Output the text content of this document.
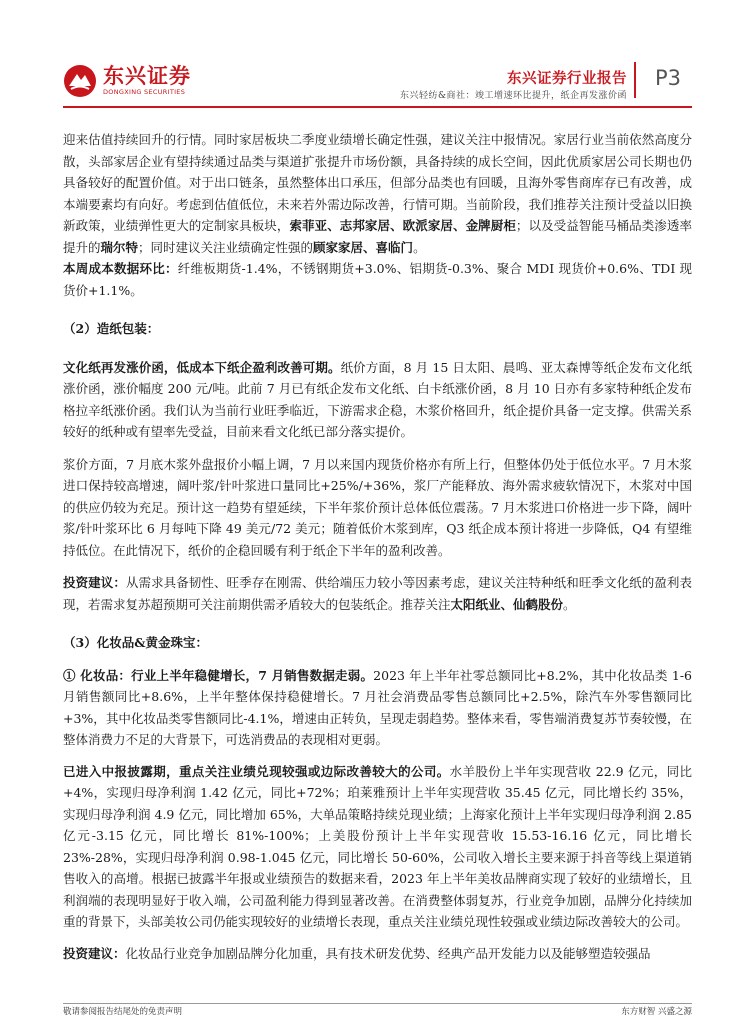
东兴证券
DONGXING SECURITIES
东兴证券行业报告
东兴轻纺&商社：竣工增速环比提升，纸企再发涨价函
P3

迎来估值持续回升的行情。同时家居板块二季度业绩增长确定性强，建议关注中报情况。家居行业当前依然高度分散，头部家居企业有望持续通过品类与渠道扩张提升市场份额，具备持续的成长空间，因此优质家居公司长期也仍具备较好的配置价值。对于出口链条，虽然整体出口承压，但部分品类也有回暖，且海外零售商库存已有改善，成本端要素均有向好。考虑到估值低位，未来若外需边际改善，行情可期。当前阶段，我们推荐关注预计受益以旧换新政策，业绩弹性更大的定制家具板块，索菲亚、志邦家居、欧派家居、金牌厨柜；以及受益智能马桶品类渗透率提升的瑞尔特；同时建议关注业绩确定性强的顾家家居、喜临门。

本周成本数据环比：纤维板期货-1.4%，不锈钢期货+3.0%、铝期货-0.3%、聚合 MDI 现货价+0.6%、TDI 现货价+1.1%。

（2）造纸包装：

文化纸再发涨价函，低成本下纸企盈利改善可期。纸价方面，8 月 15 日太阳、晨鸣、亚太森博等纸企发布文化纸涨价函，涨价幅度 200 元/吨。此前 7 月已有纸企发布文化纸、白卡纸涨价函，8 月 10 日亦有多家特种纸企发布格拉辛纸涨价函。我们认为当前行业旺季临近，下游需求企稳，木浆价格回升，纸企提价具备一定支撑。供需关系较好的纸种或有望率先受益，目前来看文化纸已部分落实提价。

浆价方面，7 月底木浆外盘报价小幅上调，7 月以来国内现货价格亦有所上行，但整体仍处于低位水平。7 月木浆进口保持较高增速，阔叶浆/针叶浆进口量同比+25%/+36%，浆厂产能释放、海外需求疲软情况下，木浆对中国的供应仍较为充足。预计这一趋势有望延续，下半年浆价预计总体低位震荡。7 月木浆进口价格进一步下降，阔叶浆/针叶浆环比 6 月每吨下降 49 美元/72 美元；随着低价木浆到库，Q3 纸企成本预计将进一步降低，Q4 有望维持低位。在此情况下，纸价的企稳回暖有利于纸企下半年的盈利改善。

投资建议：从需求具备韧性、旺季存在刚需、供给端压力较小等因素考虑，建议关注特种纸和旺季文化纸的盈利表现，若需求复苏超预期可关注前期供需矛盾较大的包装纸企。推荐关注太阳纸业、仙鹤股份。

（3）化妆品&黄金珠宝：

① 化妆品：行业上半年稳健增长，7 月销售数据走弱。2023 年上半年社零总额同比+8.2%，其中化妆品类 1-6 月销售额同比+8.6%，上半年整体保持稳健增长。7 月社会消费品零售总额同比+2.5%，除汽车外零售额同比+3%，其中化妆品类零售额同比-4.1%，增速由正转负，呈现走弱趋势。整体来看，零售端消费复苏节奏较慢，在整体消费力不足的大背景下，可选消费品的表现相对更弱。

已进入中报披露期，重点关注业绩兑现较强或边际改善较大的公司。水羊股份上半年实现营收 22.9 亿元，同比+4%，实现归母净利润 1.42 亿元，同比+72%；珀莱雅预计上半年实现营收 35.45 亿元，同比增长约 35%，实现归母净利润 4.9 亿元，同比增加 65%，大单品策略持续兑现业绩；上海家化预计上半年实现归母净利润 2.85 亿元-3.15 亿元，同比增长 81%-100%；上美股份预计上半年实现营收 15.53-16.16 亿元，同比增长 23%-28%，实现归母净利润 0.98-1.045 亿元，同比增长 50-60%，公司收入增长主要来源于抖音等线上渠道销售收入的高增。根据已披露半年报或业绩预告的数据来看，2023 年上半年美妆品牌商实现了较好的业绩增长，且利润端的表现明显好于收入端，公司盈利能力得到显著改善。在消费整体弱复苏，行业竞争加剧，品牌分化持续加重的背景下，头部美妆公司仍能实现较好的业绩增长表现，重点关注业绩兑现性较强或业绩边际改善较大的公司。

投资建议：化妆品行业竞争加剧品牌分化加重，具有技术研发优势、经典产品开发能力以及能够塑造较强品

敬请参阅报告结尾处的免责声明	东方财智 兴盛之源
